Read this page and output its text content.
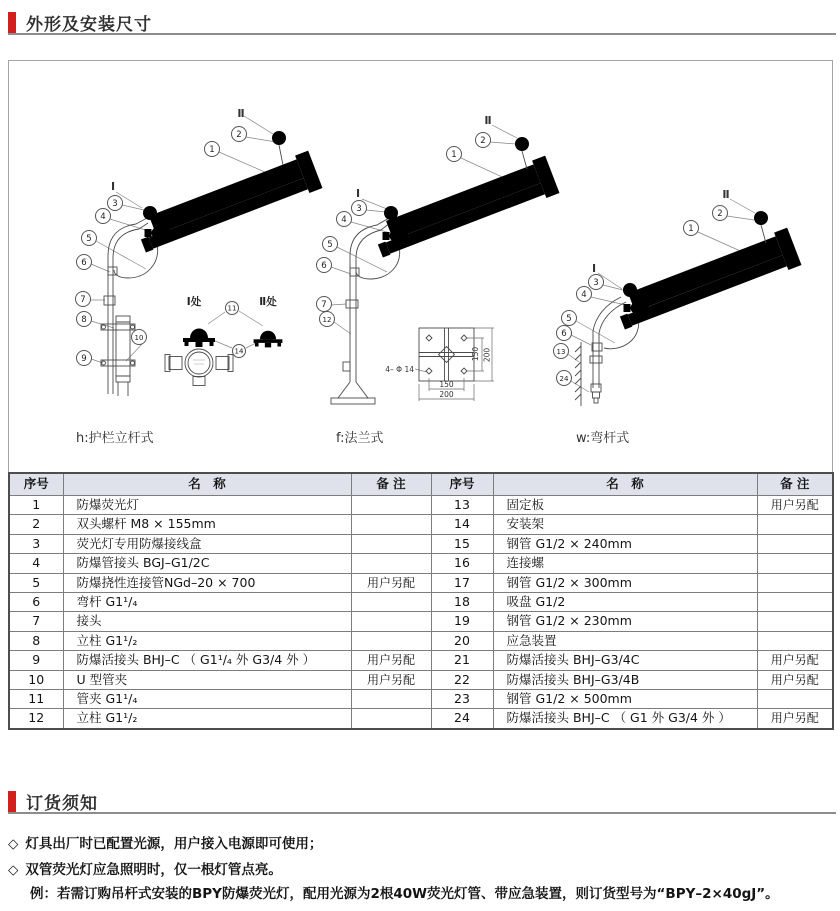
外形及安装尺寸
Ⅰ
Ⅱ
Ⅰ处	Ⅱ处
1
2
3
4
5
6
7
8
9
10
11
14	150 200
150
200
4– Φ 14
Ⅰ
Ⅱ
1
2
3
4
5
6
7
12
Ⅰ
Ⅱ
1
2
3
4
5
6
13
24
h:护栏立杆式	f:法兰式	w:弯杆式
序号	名　称	备 注	序号	名　称	备 注
1	防爆荧光灯		13	固定板	用户另配
2	双头螺杆 M8 × 155mm		14	安装架	
3	荧光灯专用防爆接线盒		15	钢管 G1/2 × 240mm	
4	防爆管接头 BGJ–G1/2C		16	连接螺	
5	防爆挠性连接管NGd–20 × 700	用户另配	17	钢管 G1/2 × 300mm	
6	弯杆 G1¹/₄		18	吸盘 G1/2	
7	接头		19	钢管 G1/2 × 230mm	
8	立柱 G1¹/₂		20	应急装置	
9	防爆活接头 BHJ–C （ G1¹/₄ 外 G3/4 外 ）	用户另配	21	防爆活接头 BHJ–G3/4C	用户另配
10	U 型管夹	用户另配	22	防爆活接头 BHJ–G3/4B	用户另配
11	管夹 G1¹/₄		23	钢管 G1/2 × 500mm	
12	立柱 G1¹/₂		24	防爆活接头 BHJ–C （ G1 外 G3/4 外 ）	用户另配
订货须知
◇ 灯具出厂时已配置光源，用户接入电源即可使用；
◇ 双管荧光灯应急照明时，仅一根灯管点亮。
例：若需订购吊杆式安装的BPY防爆荧光灯，配用光源为2根40W荧光灯管、带应急装置，则订货型号为“BPY–2×40gJ”。
